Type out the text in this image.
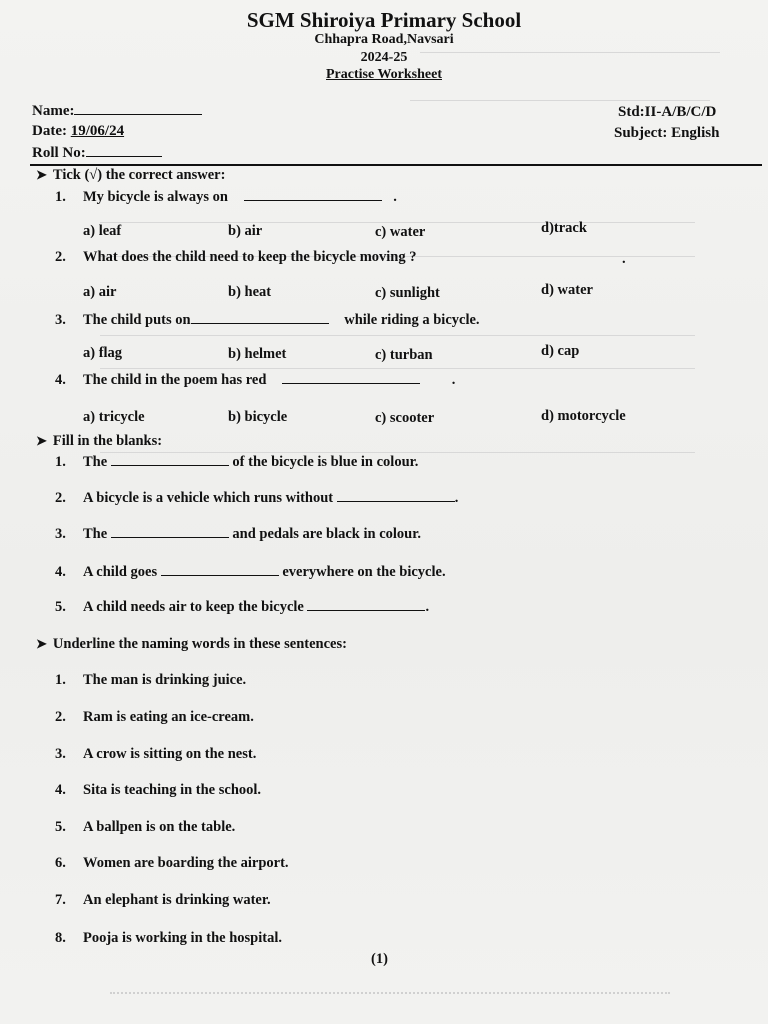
SGM Shiroiya Primary School
Chhapra Road,Navsari
2024-25
Practise Worksheet
Name:
Date: 19/06/24
Roll No:
Std:II-A/B/C/D
Subject: English
➤ Tick (√) the correct answer:
1. My bicycle is always on	.
a) leaf	b) air	c) water	d)track
2. What does the child need to keep the bicycle moving ?	.
a) air	b) heat	c) sunlight	d) water
3. The child puts on	while riding a bicycle.
a) flag	b) helmet	c) turban	d) cap
4. The child in the poem has red	.
a) tricycle	b) bicycle	c) scooter	d) motorcycle
➤ Fill in the blanks:
1. The	of the bicycle is blue in colour.
2. A bicycle is a vehicle which runs without	.
3. The	and pedals are black in colour.
4. A child goes	everywhere on the bicycle.
5. A child needs air to keep the bicycle	.
➤ Underline the naming words in these sentences:
1. The man is drinking juice.
2. Ram is eating an ice-cream.
3. A crow is sitting on the nest.
4. Sita is teaching in the school.
5. A ballpen is on the table.
6. Women are boarding the airport.
7. An elephant is drinking water.
8. Pooja is working in the hospital.
(1)
